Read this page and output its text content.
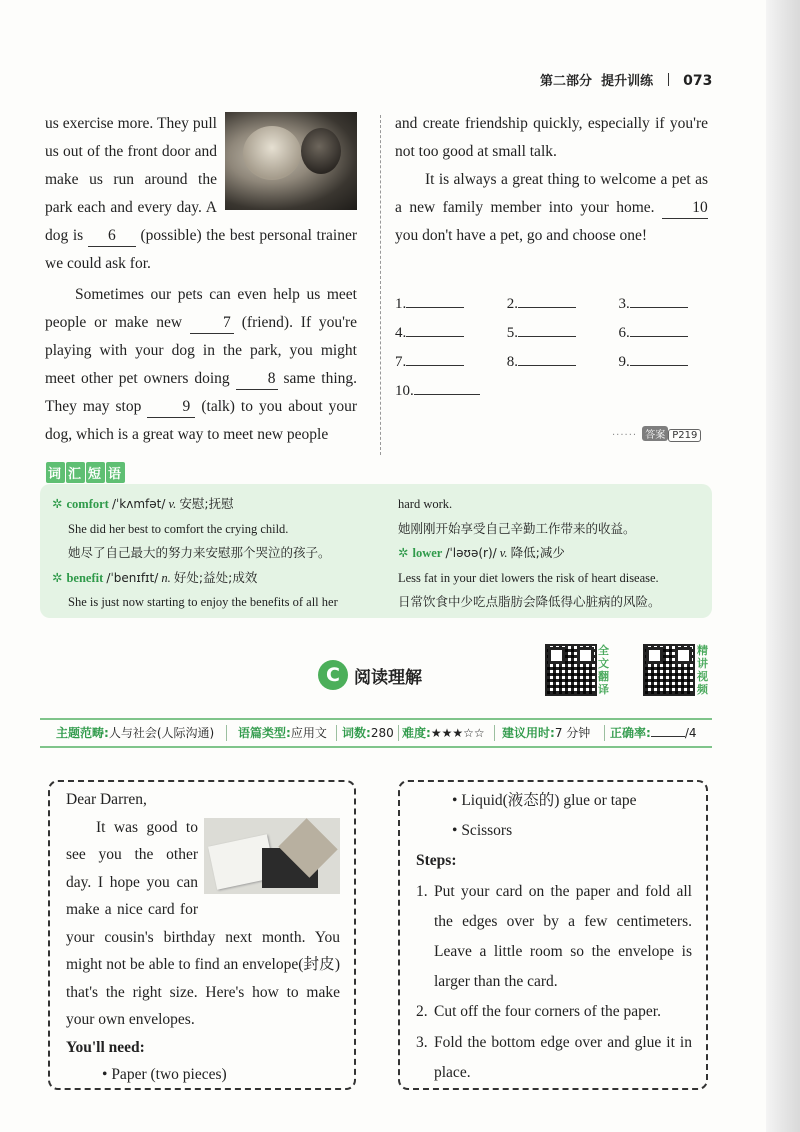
第二部分 提升训练 073

us exercise more. They pull us out of the front door and make us run around the park each and every day. A dog is 6 (possible) the best personal trainer we could ask for.

Sometimes our pets can even help us meet people or make new	7 (friend). If you're playing with your dog in the park, you might meet other pet owners doing 8 same thing. They may stop	9 (talk) to you about your dog, which is a great way to meet new people

and create friendship quickly, especially if you're not too good at small talk.

It is always a great thing to welcome a pet as a new family member into your home. 10 you don't have a pet, go and choose one!

1.	2.	3.
4.	5.	6.
7.	8.	9.
10.
······ 答案 P219
词 汇 短 语
✲ comfort /ˈkʌmfət/ v. 安慰;抚慰
She did her best to comfort the crying child.
她尽了自己最大的努力来安慰那个哭泣的孩子。
✲ benefit /ˈbenɪfɪt/ n. 好处;益处;成效
She is just now starting to enjoy the benefits of all her
hard work.
她刚刚开始享受自己辛勤工作带来的收益。
✲ lower /ˈləʊə(r)/ v. 降低;减少
Less fat in your diet lowers the risk of heart disease.
日常饮食中少吃点脂肪会降低得心脏病的风险。
C 阅读理解
全
文
翻
译
精
讲
视
频
主题范畴:人与社会(人际沟通) 语篇类型:应用文 词数:280 难度:★★★☆☆ 建议用时:7 分钟 正确率:	/4

Dear Darren,

It was good to see you the other day. I hope you can make a nice card for your cousin's birthday next month. You might not be able to find an envelope(封皮) that's the right size. Here's how to make your own envelopes.

You'll need:

• Paper (two pieces)

• Liquid(液态的) glue or tape

• Scissors

Steps:

1. Put your card on the paper and fold all the edges over by a few centimeters. Leave a little room so the envelope is larger than the card.
2. Cut off the four corners of the paper.
3. Fold the bottom edge over and glue it in place.
